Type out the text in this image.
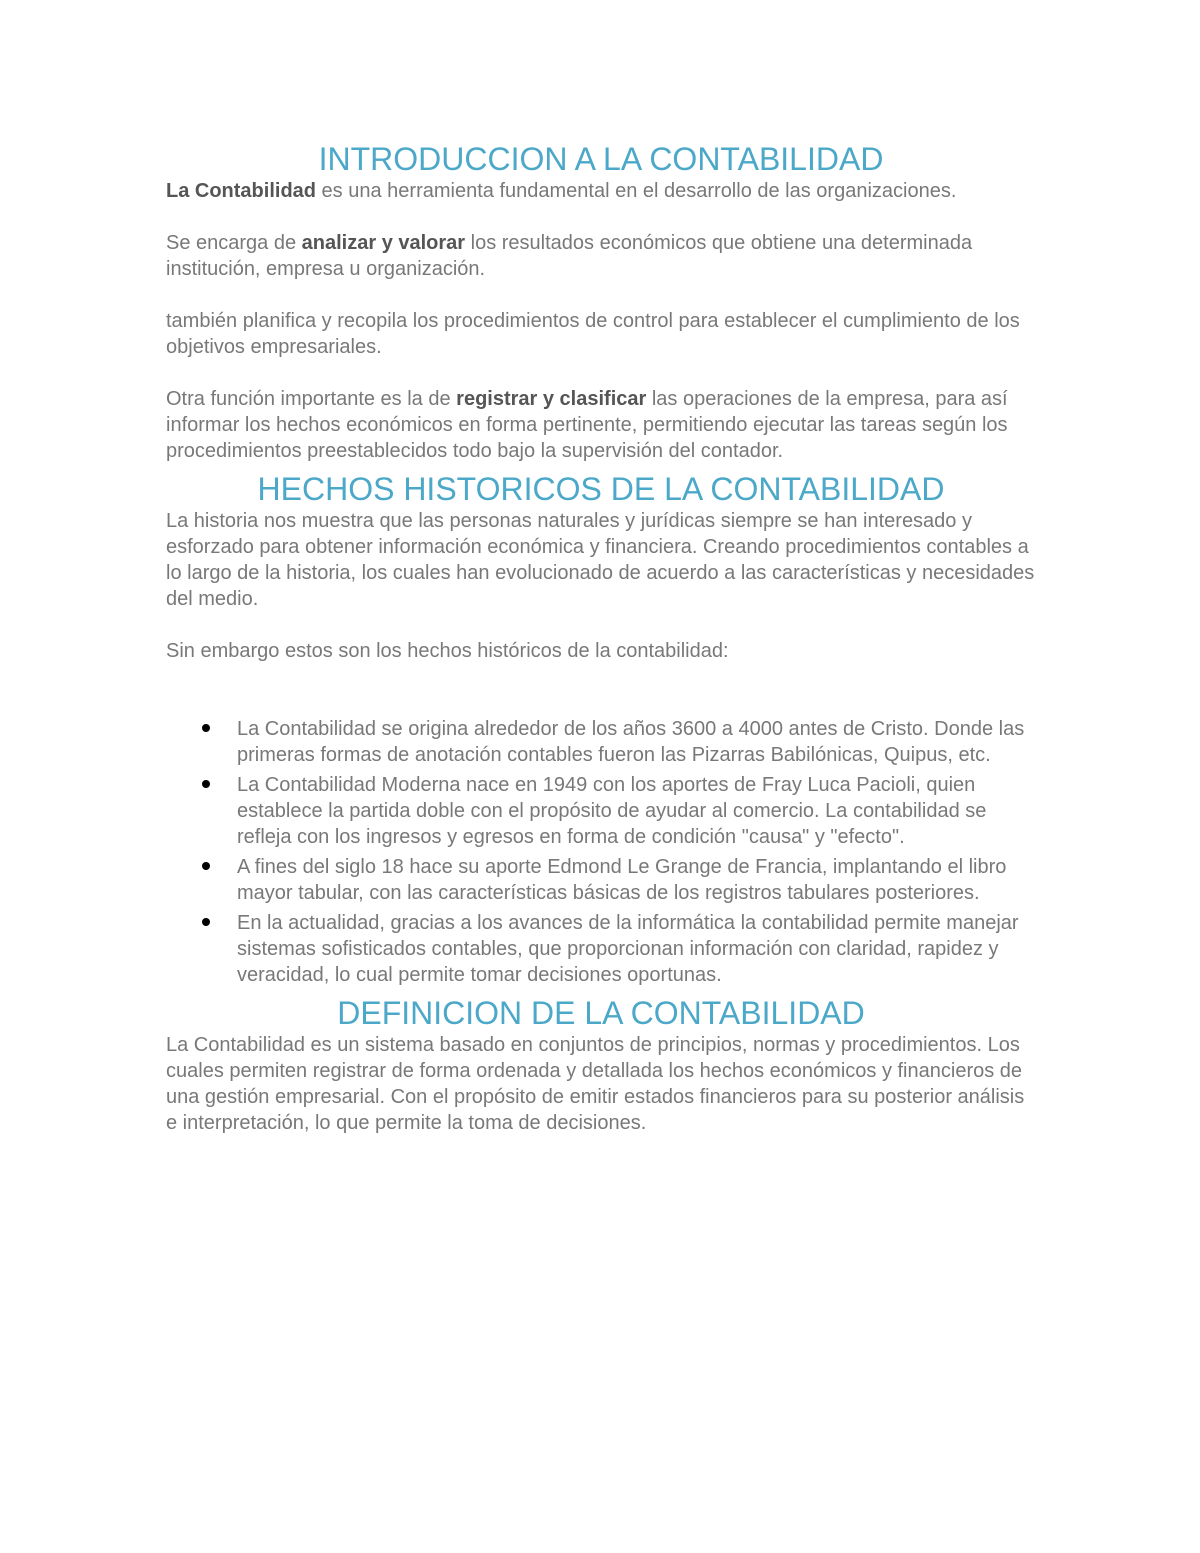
INTRODUCCION A LA CONTABILIDAD

La Contabilidad es una herramienta fundamental en el desarrollo de las organizaciones.

Se encarga de analizar y valorar los resultados económicos que obtiene una determinada institución, empresa u organización.

también planifica y recopila los procedimientos de control para establecer el cumplimiento de los objetivos empresariales.

Otra función importante es la de registrar y clasificar las operaciones de la empresa, para así informar los hechos económicos en forma pertinente, permitiendo ejecutar las tareas según los procedimientos preestablecidos todo bajo la supervisión del contador.

HECHOS HISTORICOS DE LA CONTABILIDAD

La historia nos muestra que las personas naturales y jurídicas siempre se han interesado y esforzado para obtener información económica y financiera. Creando procedimientos contables a lo largo de la historia, los cuales han evolucionado de acuerdo a las características y necesidades del medio.

Sin embargo estos son los hechos históricos de la contabilidad:

La Contabilidad se origina alrededor de los años 3600 a 4000 antes de Cristo. Donde las primeras formas de anotación contables fueron las Pizarras Babilónicas, Quipus, etc.
La Contabilidad Moderna nace en 1949 con los aportes de Fray Luca Pacioli, quien establece la partida doble con el propósito de ayudar al comercio. La contabilidad se refleja con los ingresos y egresos en forma de condición "causa" y "efecto".
A fines del siglo 18 hace su aporte Edmond Le Grange de Francia, implantando el libro mayor tabular, con las características básicas de los registros tabulares posteriores.
En la actualidad, gracias a los avances de la informática la contabilidad permite manejar sistemas sofisticados contables, que proporcionan información con claridad, rapidez y veracidad, lo cual permite tomar decisiones oportunas.
DEFINICION DE LA CONTABILIDAD

La Contabilidad es un sistema basado en conjuntos de principios, normas y procedimientos. Los cuales permiten registrar de forma ordenada y detallada los hechos económicos y financieros de una gestión empresarial. Con el propósito de emitir estados financieros para su posterior análisis e interpretación, lo que permite la toma de decisiones.
